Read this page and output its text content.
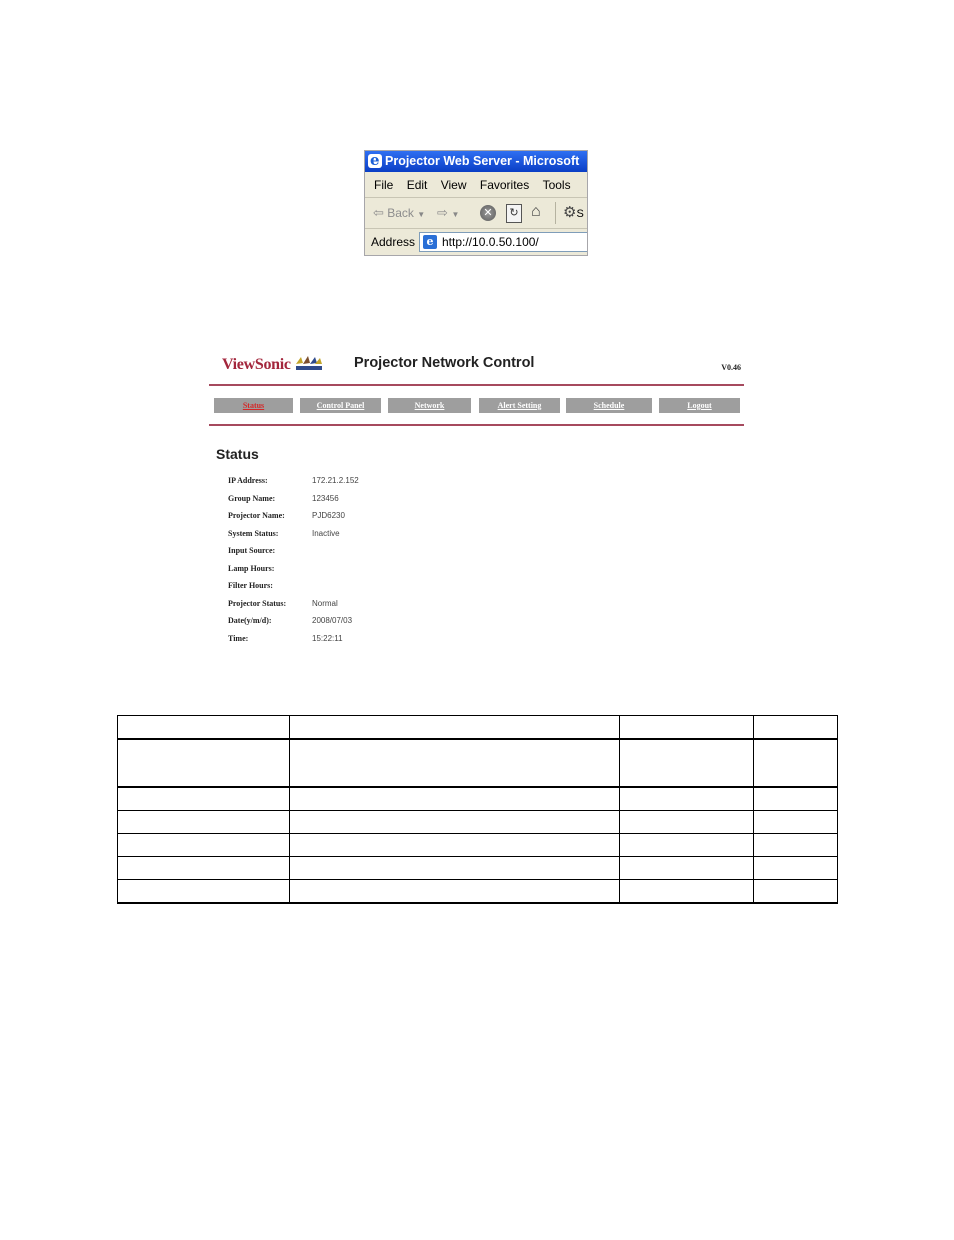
eProjector Web Server - Microsoft
File Edit View Favorites Tools
⇦ Back ▼ ⇨ ▼	✕	↻ ⌂ ⚙S
Address	e http://10.0.50.100/
ViewSonic	Projector Network Control	V0.46
Status	Control Panel	Network	Alert Setting	Schedule	Logout
Status
IP Address:	172.21.2.152
Group Name:	123456
Projector Name:	PJD6230
System Status:	Inactive
Input Source:
Lamp Hours:
Filter Hours:
Projector Status:	Normal
Date(y/m/d):	2008/07/03
Time:	15:22:11
